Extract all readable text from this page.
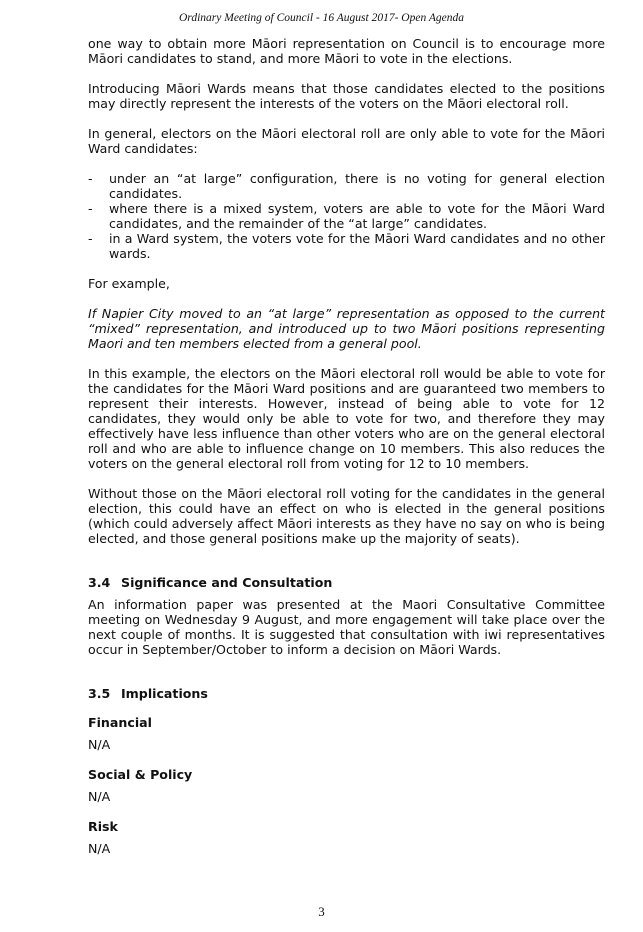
Ordinary Meeting of Council - 16 August 2017- Open Agenda

one way to obtain more Māori representation on Council is to encourage more Māori candidates to stand, and more Māori to vote in the elections.

Introducing Māori Wards means that those candidates elected to the positions may directly represent the interests of the voters on the Māori electoral roll.

In general, electors on the Māori electoral roll are only able to vote for the Māori Ward candidates:

- under an “at large” configuration, there is no voting for general election candidates.
- where there is a mixed system, voters are able to vote for the Māori Ward candidates, and the remainder of the “at large” candidates.
- in a Ward system, the voters vote for the Māori Ward candidates and no other wards.

For example,

If Napier City moved to an “at large” representation as opposed to the current “mixed” representation, and introduced up to two Māori positions representing Maori and ten members elected from a general pool.

In this example, the electors on the Māori electoral roll would be able to vote for the candidates for the Māori Ward positions and are guaranteed two members to represent their interests. However, instead of being able to vote for 12 candidates, they would only be able to vote for two, and therefore they may effectively have less influence than other voters who are on the general electoral roll and who are able to influence change on 10 members. This also reduces the voters on the general electoral roll from voting for 12 to 10 members.

Without those on the Māori electoral roll voting for the candidates in the general election, this could have an effect on who is elected in the general positions (which could adversely affect Māori interests as they have no say on who is being elected, and those general positions make up the majority of seats).

3.4 Significance and Consultation

An information paper was presented at the Maori Consultative Committee meeting on Wednesday 9 August, and more engagement will take place over the next couple of months. It is suggested that consultation with iwi representatives occur in September/October to inform a decision on Māori Wards.

3.5 Implications
Financial

N/A

Social & Policy

N/A

Risk

N/A

3
